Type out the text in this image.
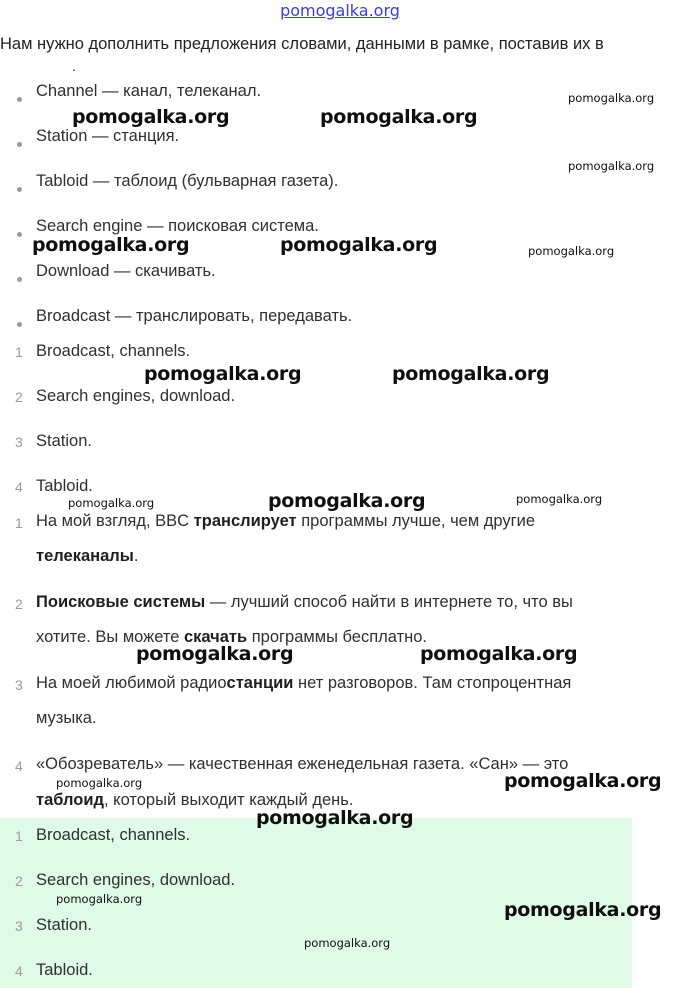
pomogalka.org
Нам нужно дополнить предложения словами, данными в рамке, поставив их в
.
Channel — канал, телеканал.
Station — станция.
Tabloid — таблоид (бульварная газета).
Search engine — поисковая система.
Download — скачивать.
Broadcast — транслировать, передавать.
1 Broadcast, channels.
2 Search engines, download.
3 Station.
4 Tabloid.
1 На мой взгляд, BBC транслирует программы лучше, чем другие
телеканалы.
2 Поисковые системы — лучший способ найти в интернете то, что вы
хотите. Вы можете скачать программы бесплатно.
3 На моей любимой радиостанции нет разговоров. Там стопроцентная
музыка.
4 «Обозреватель» — качественная еженедельная газета. «Сан» — это
таблоид, который выходит каждый день.
1 Broadcast, channels.
2 Search engines, download.
3 Station.
4 Tabloid.
pomogalka.org
pomogalka.org	pomogalka.org
pomogalka.org
pomogalka.org	pomogalka.org	pomogalka.org
pomogalka.org	pomogalka.org
pomogalka.org	pomogalka.org	pomogalka.org
pomogalka.org	pomogalka.org
pomogalka.org	pomogalka.org
pomogalka.org
pomogalka.org	pomogalka.org
pomogalka.org
